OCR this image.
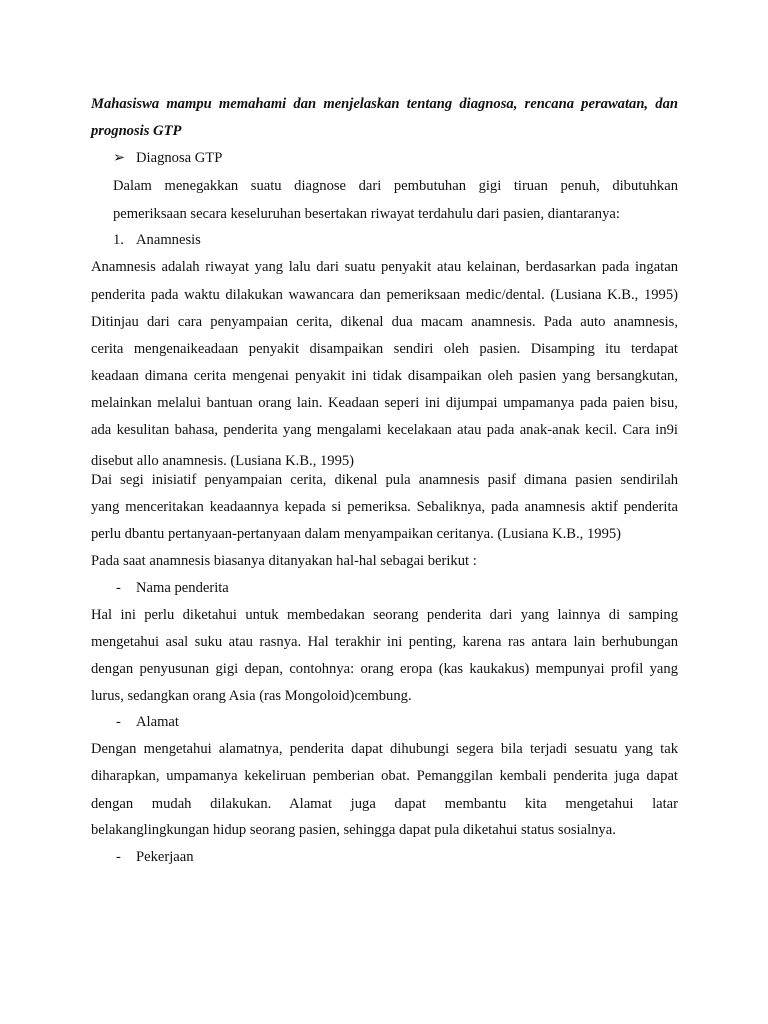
Mahasiswa mampu memahami dan menjelaskan tentang diagnosa, rencana perawatan, dan
prognosis GTP
➢ Diagnosa GTP
Dalam menegakkan suatu diagnose dari pembutuhan gigi tiruan penuh, dibutuhkan
pemeriksaan secara keseluruhan besertakan riwayat terdahulu dari pasien, diantaranya:
1. Anamnesis
Anamnesis adalah riwayat yang lalu dari suatu penyakit atau kelainan, berdasarkan pada ingatan
penderita pada waktu dilakukan wawancara dan pemeriksaan medic/dental. (Lusiana K.B., 1995)
Ditinjau dari cara penyampaian cerita, dikenal dua macam anamnesis. Pada auto anamnesis,
cerita mengenaikeadaan penyakit disampaikan sendiri oleh pasien. Disamping itu terdapat
keadaan dimana cerita mengenai penyakit ini tidak disampaikan oleh pasien yang bersangkutan,
melainkan melalui bantuan orang lain. Keadaan seperi ini dijumpai umpamanya pada paien bisu,
ada kesulitan bahasa, penderita yang mengalami kecelakaan atau pada anak-anak kecil. Cara in9i
disebut allo anamnesis. (Lusiana K.B., 1995)
Dai segi inisiatif penyampaian cerita, dikenal pula anamnesis pasif dimana pasien sendirilah
yang menceritakan keadaannya kepada si pemeriksa. Sebaliknya, pada anamnesis aktif penderita
perlu dbantu pertanyaan-pertanyaan dalam menyampaikan ceritanya. (Lusiana K.B., 1995)
Pada saat anamnesis biasanya ditanyakan hal-hal sebagai berikut :
- Nama penderita
Hal ini perlu diketahui untuk membedakan seorang penderita dari yang lainnya di samping
mengetahui asal suku atau rasnya. Hal terakhir ini penting, karena ras antara lain berhubungan
dengan penyusunan gigi depan, contohnya: orang eropa (kas kaukakus) mempunyai profil yang
lurus, sedangkan orang Asia (ras Mongoloid)cembung.
- Alamat
Dengan mengetahui alamatnya, penderita dapat dihubungi segera bila terjadi sesuatu yang tak
diharapkan, umpamanya kekeliruan pemberian obat. Pemanggilan kembali penderita juga dapat
dengan mudah dilakukan. Alamat juga dapat membantu kita mengetahui latar
belakanglingkungan hidup seorang pasien, sehingga dapat pula diketahui status sosialnya.
- Pekerjaan
